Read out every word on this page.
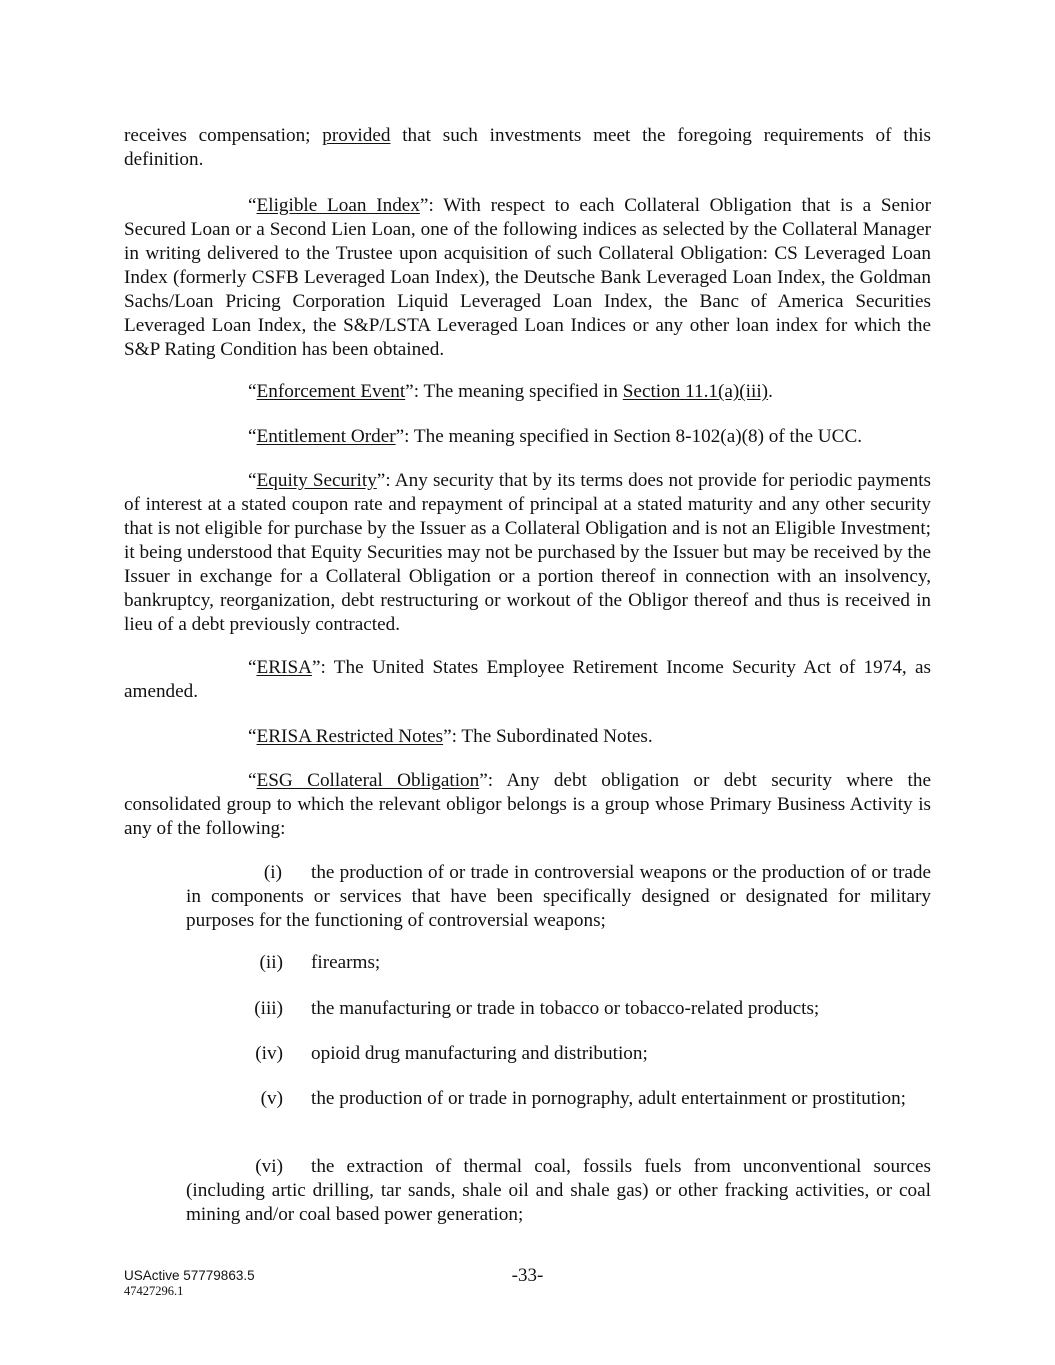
receives compensation; provided that such investments meet the foregoing requirements of this definition.

“Eligible Loan Index”: With respect to each Collateral Obligation that is a Senior Secured Loan or a Second Lien Loan, one of the following indices as selected by the Collateral Manager in writing delivered to the Trustee upon acquisition of such Collateral Obligation: CS Leveraged Loan Index (formerly CSFB Leveraged Loan Index), the Deutsche Bank Leveraged Loan Index, the Goldman Sachs/Loan Pricing Corporation Liquid Leveraged Loan Index, the Banc of America Securities Leveraged Loan Index, the S&P/LSTA Leveraged Loan Indices or any other loan index for which the S&P Rating Condition has been obtained.

“Enforcement Event”: The meaning specified in Section 11.1(a)(iii).

“Entitlement Order”: The meaning specified in Section 8-102(a)(8) of the UCC.

“Equity Security”: Any security that by its terms does not provide for periodic payments of interest at a stated coupon rate and repayment of principal at a stated maturity and any other security that is not eligible for purchase by the Issuer as a Collateral Obligation and is not an Eligible Investment; it being understood that Equity Securities may not be purchased by the Issuer but may be received by the Issuer in exchange for a Collateral Obligation or a portion thereof in connection with an insolvency, bankruptcy, reorganization, debt restructuring or workout of the Obligor thereof and thus is received in lieu of a debt previously contracted.

“ERISA”: The United States Employee Retirement Income Security Act of 1974, as amended.

“ERISA Restricted Notes”: The Subordinated Notes.

“ESG Collateral Obligation”: Any debt obligation or debt security where the consolidated group to which the relevant obligor belongs is a group whose Primary Business Activity is any of the following:

(i) the production of or trade in controversial weapons or the production of or trade in components or services that have been specifically designed or designated for military purposes for the functioning of controversial weapons;

(ii) firearms;

(iii) the manufacturing or trade in tobacco or tobacco-related products;

(iv) opioid drug manufacturing and distribution;

(v) the production of or trade in pornography, adult entertainment or prostitution;

(vi) the extraction of thermal coal, fossils fuels from unconventional sources (including artic drilling, tar sands, shale oil and shale gas) or other fracking activities, or coal mining and/or coal based power generation;

USActive 57779863.5
47427296.1
-33-
